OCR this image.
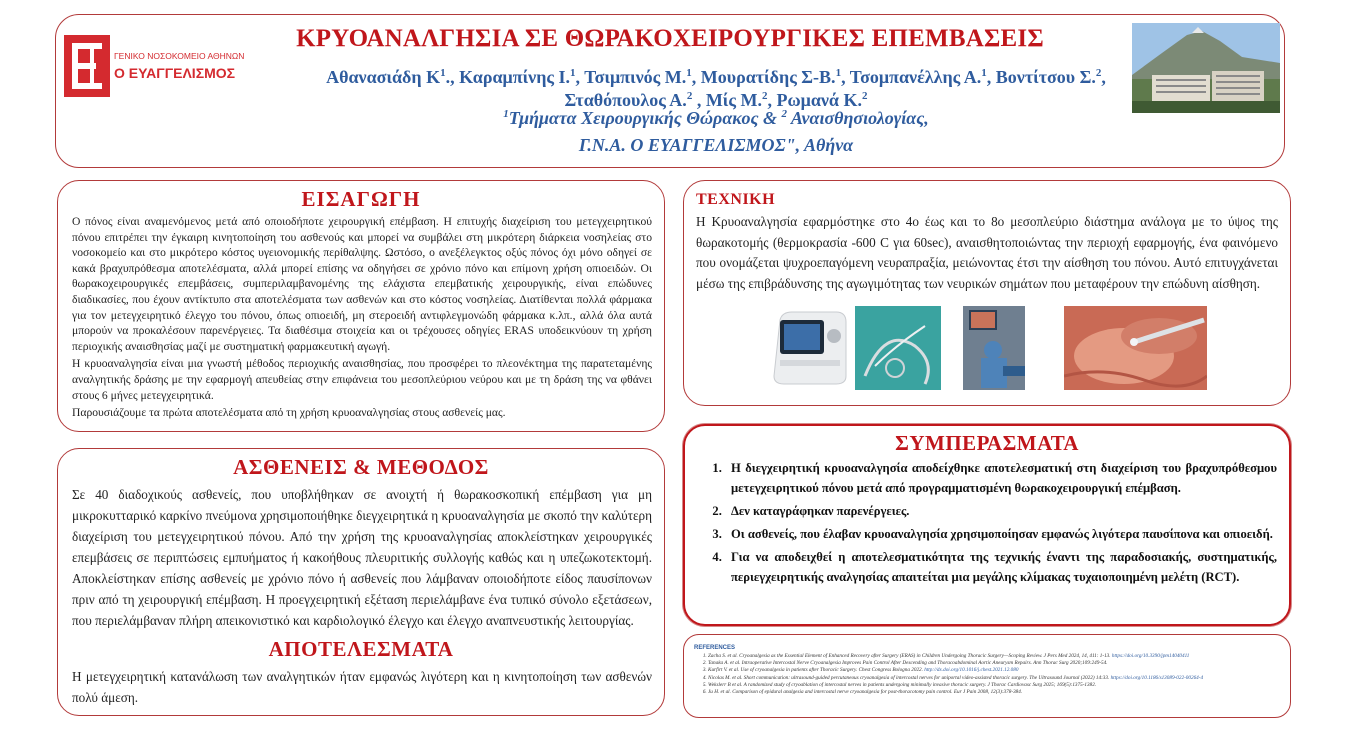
ΓΕΝΙΚΟ ΝΟΣΟΚΟΜΕΙΟ ΑΘΗΝΩΝ
Ο ΕΥΑΓΓΕΛΙΣΜΟΣ
ΚΡΥΟΑΝΑΛΓΗΣΙΑ ΣΕ ΘΩΡΑΚΟΧΕΙΡΟΥΡΓΙΚΕΣ ΕΠΕΜΒΑΣΕΙΣ
Αθανασιάδη $K^1$., Καραμπίνης Ι.$^1$, Τσιμπινός Μ.$^1$, Μουρατίδης Σ-Β.$^1$, Τσομπανέλλης Α.$^1$, Βοντίτσου Σ.$^2$,
Σταθόπουλος Α.$^2$ , Μίς Μ.$^2$, Ρωμανά Κ.$^2$
$^1$Τμήματα Χειρουργικής Θώρακος & $^2$ Αναισθησιολογίας,
Γ.Ν.Α. Ο ΕΥΑΓΓΕΛΙΣΜΟΣ", Αθήνα
ΕΙΣΑΓΩΓΗ
Ο πόνος είναι αναμενόμενος μετά από οποιοδήποτε χειρουργική επέμβαση. Η επιτυχής διαχείριση του μετεγχειρητικού πόνου επιτρέπει την έγκαιρη κινητοποίηση του ασθενούς και μπορεί να συμβάλει στη μικρότερη διάρκεια νοσηλείας στο νοσοκομείο και στο μικρότερο κόστος υγειονομικής περίθαλψης. Ωστόσο, ο ανεξέλεγκτος οξύς πόνος όχι μόνο οδηγεί σε κακά βραχυπρόθεσμα αποτελέσματα, αλλά μπορεί επίσης να οδηγήσει σε χρόνιο πόνο και επίμονη χρήση οπιοειδών. Οι θωρακοχειρουργικές επεμβάσεις, συμπεριλαμβανομένης της ελάχιστα επεμβατικής χειρουργικής, είναι επώδυνες διαδικασίες, που έχουν αντίκτυπο στα αποτελέσματα των ασθενών και στο κόστος νοσηλείας. Διατίθενται πολλά φάρμακα για τον μετεγχειρητικό έλεγχο του πόνου, όπως οπιοειδή, μη στεροειδή αντιφλεγμονώδη φάρμακα κ.λπ., αλλά όλα αυτά μπορούν να προκαλέσουν παρενέργειες. Τα διαθέσιμα στοιχεία και οι τρέχουσες οδηγίες ERAS υποδεικνύουν τη χρήση περιοχικής αναισθησίας μαζί με συστηματική φαρμακευτική αγωγή.
Η κρυοαναλγησία είναι μια γνωστή μέθοδος περιοχικής αναισθησίας, που προσφέρει το πλεονέκτημα της παρατεταμένης αναλγητικής δράσης με την εφαρμογή απευθείας στην επιφάνεια του μεσοπλεύριου νεύρου και με τη δράση της να φθάνει στους 6 μήνες μετεγχειρητικά.
Παρουσιάζουμε τα πρώτα αποτελέσματα από τη χρήση κρυοαναλγησίας στους ασθενείς μας.
ΑΣΘΕΝΕΙΣ & ΜΕΘΟΔΟΣ
Σε 40 διαδοχικούς ασθενείς, που υποβλήθηκαν σε ανοιχτή ή θωρακοσκοπική επέμβαση για μη μικροκυτταρικό καρκίνο πνεύμονα χρησιμοποιήθηκε διεγχειρητικά η κρυοαναλγησία με σκοπό την καλύτερη διαχείριση του μετεγχειρητικού πόνου. Από την χρήση της κρυοαναλγησίας αποκλείστηκαν χειρουργικές επεμβάσεις σε περιπτώσεις εμπυήματος ή κακοήθους πλευριτικής συλλογής καθώς και η υπεζωκοτεκτομή. Αποκλείστηκαν επίσης ασθενείς με χρόνιο πόνο ή ασθενείς που λάμβαναν οποιοδήποτε είδος παυσίπονων πριν από τη χειρουργική επέμβαση. Η προεγχειρητική εξέταση περιελάμβανε ένα τυπικό σύνολο εξετάσεων, που περιελάμβαναν πλήρη απεικονιστικό και καρδιολογικό έλεγχο και έλεγχο αναπνευστικής λειτουργίας.
ΑΠΟΤΕΛΕΣΜΑΤΑ
Η μετεγχειρητική κατανάλωση των αναλγητικών ήταν εμφανώς λιγότερη και η κινητοποίηση των ασθενών πολύ άμεση.
ΤΕΧΝΙΚΗ
Η Κρυοαναλγησία εφαρμόστηκε στο 4ο έως και το 8ο μεσοπλεύριο διάστημα ανάλογα με το ύψος της θωρακοτομής (θερμοκρασία -600 C για 60sec), αναισθητοποιώντας την περιοχή εφαρμογής, ένα φαινόμενο που ονομάζεται ψυχροεπαγόμενη νευραπραξία, μειώνοντας έτσι την αίσθηση του πόνου. Αυτό επιτυγχάνεται μέσω της επιβράδυνσης της αγωγιμότητας των νευρικών σημάτων που μεταφέρουν την επώδυνη αίσθηση.
ΣΥΜΠΕΡΑΣΜΑΤΑ
1. Η διεγχειρητική κρυοαναλγησία αποδείχθηκε αποτελεσματική στη διαχείριση του βραχυπρόθεσμου μετεγχειρητικού πόνου μετά από προγραμματισμένη θωρακοχειρουργική επέμβαση.
2. Δεν καταγράφηκαν παρενέργειες.
3. Οι ασθενείς, που έλαβαν κρυοαναλγησία χρησιμοποίησαν εμφανώς λιγότερα παυσίπονα και οπιοειδή.
4. Για να αποδειχθεί η αποτελεσματικότητα της τεχνικής έναντι της παραδοσιακής, συστηματικής, περιεγχειρητικής αναλγησίας απαιτείται μια μεγάλης κλίμακας τυχαιοποιημένη μελέτη (RCT).
REFERENCES
1. Zacha S. et al. Cryoanalgesia as the Essential Element of Enhanced Recovery after Surgery (ERAS) in Children Undergoing Thoracic Surgery—Scoping Review. J Pers Med 2024, 14, 411: 1-13. https://doi.org/10.3390/jpm14040411
2. Tanaka A. et al. Intraoperative Intercostal Nerve Cryoanalgesia Improves Pain Control After Descending and Thoracoabdominal Aortic Aneurysm Repairs. Ann Thorac Surg 2020;109:249-54.
3. Kurfirt V. et al. Use of cryoanalgesia in patients after Thoracic Surgery. Chest Congress Bologna 2022. http://dx.doi.org/10.1016/j.chest.2021.12.080
4. Nicolas M. et al. Short communication: ultrasound-guided percutaneous cryoanalgesia of intercostal nerves for uniportal video-assisted thoracic surgery. The Ultrasound Journal (2022) 14:33. https://doi.org/10.1186/s13089-022-00264-4
5. Wekslerr B et al. A randomized study of cryoablation of intercostal nerves in patients undergoing minimally invasive thoracic surgery. J Thorac Cardiovasc Surg 2025; 169(5):1375-1382.
6. Ju H. et al. Comparison of epidural analgesia and intercostal nerve cryoanalgesia for post-thoracotomy pain control. Eur J Pain 2008, 12(3):378-384.
